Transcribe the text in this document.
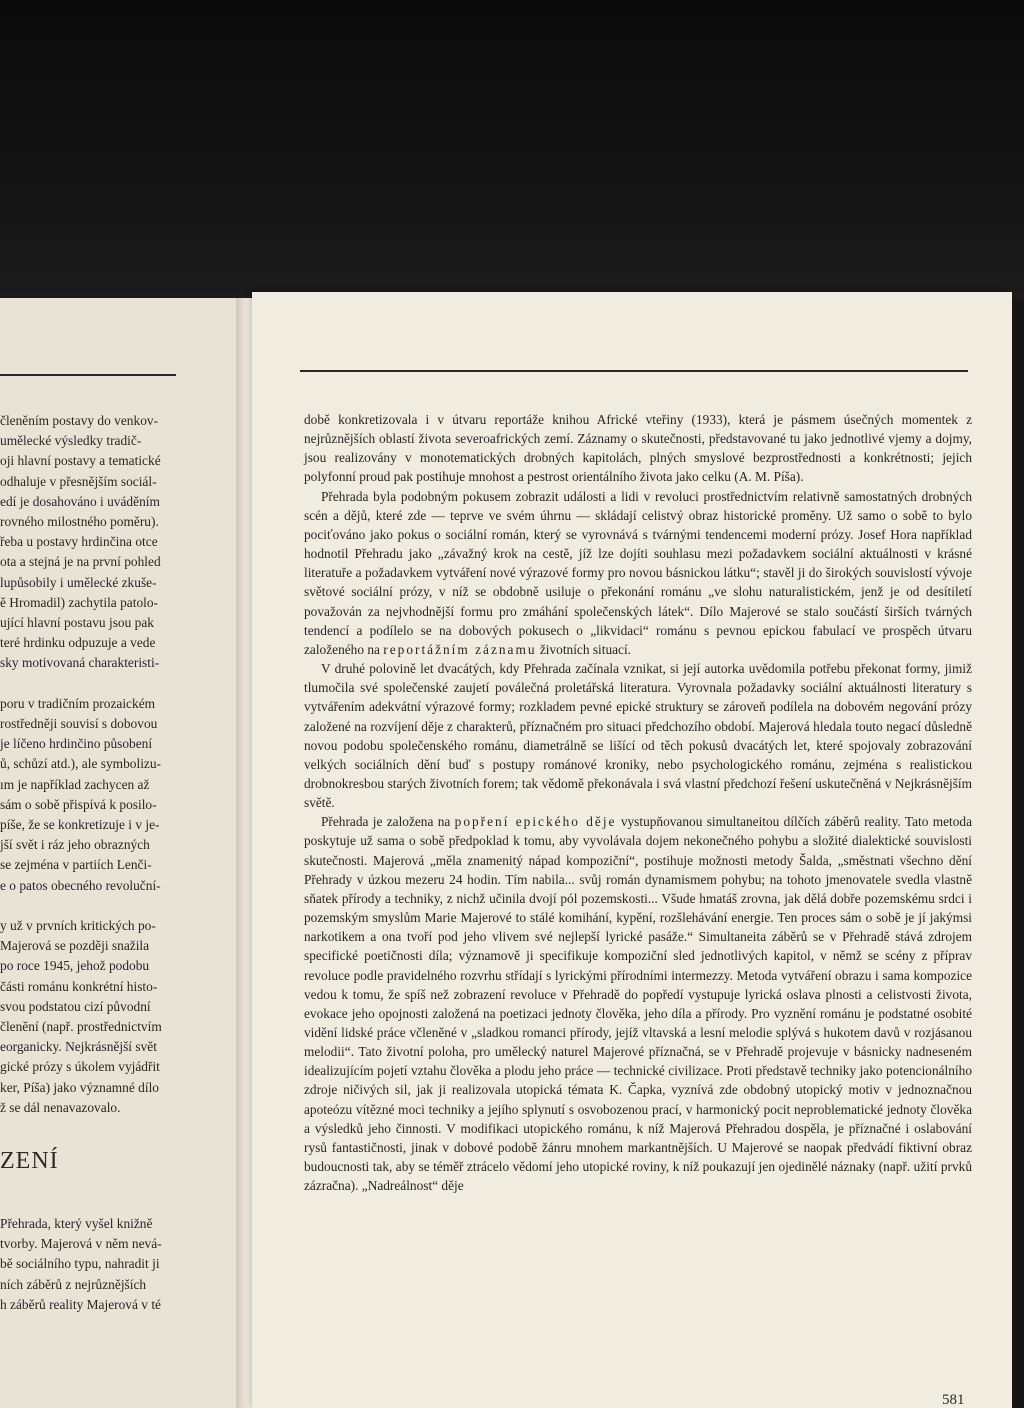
členěním postavy do venkov-
umělecké výsledky tradič-
oji hlavní postavy a tematické
odhaluje v přesnějším sociál-
edí je dosahováno i uváděním
rovného milostného poměru).
řeba u postavy hrdinčina otce
ota a stejná je na první pohled
lupůsobily i umělecké zkuše-
ě Hromadil) zachytila patolo-
ující hlavní postavu jsou pak
teré hrdinku odpuzuje a vede
sky motivovaná charakteristi-
poru v tradičním prozaickém
rostředněji souvisí s dobovou
je líčeno hrdinčino působení
ů, schůzí atd.), ale symbolizu-
ım je například zachycen až
sám o sobě přispívá k posilo-
píše, že se konkretizuje i v je-
jší svět i ráz jeho obrazných
se zejména v partiích Lenči-
e o patos obecného revoluční-
y už v prvních kritických po-
Majerová se později snažila
po roce 1945, jehož podobu
části románu konkrétní histo-
svou podstatou cizí původní
členění (např. prostřednictvím
eorganicky. Nejkrásnější svět
gické prózy s úkolem vyjádřit
ker, Píša) jako významné dílo
ž se dál nenavazovalo.
ZENÍ
Přehrada, který vyšel knižně
tvorby. Majerová v něm nevá-
bě sociálního typu, nahradit ji
ních záběrů z nejrůznějších
h záběrů reality Majerová v té

době konkretizovala i v útvaru reportáže knihou Africké vteřiny (1933), která je pásmem úsečných momentek z nejrůznějších oblastí života severoafrických zemí. Záznamy o skutečnosti, představované tu jako jednotlivé vjemy a dojmy, jsou realizovány v monotematických drobných kapitolách, plných smyslové bezprostřednosti a konkrétnosti; jejich polyfonní proud pak postihuje mnohost a pestrost orientálního života jako celku (A. M. Píša).

Přehrada byla podobným pokusem zobrazit události a lidi v revoluci prostřednictvím relativně samostatných drobných scén a dějů, které zde — teprve ve svém úhrnu — skládají celistvý obraz historické proměny. Už samo o sobě to bylo pociťováno jako pokus o sociální román, který se vyrovnává s tvárnými tendencemi moderní prózy. Josef Hora například hodnotil Přehradu jako „závažný krok na cestě, jíž lze dojíti souhlasu mezi požadavkem sociální aktuálnosti v krásné literatuře a požadavkem vytváření nové výrazové formy pro novou básnickou látku“; stavěl ji do širokých souvislostí vývoje světové sociální prózy, v níž se obdobně usiluje o překonání románu „ve slohu naturalistickém, jenž je od desítiletí považován za nejvhodnější formu pro zmáhání společenských látek“. Dílo Majerové se stalo součástí širších tvárných tendencí a podílelo se na dobových pokusech o „likvidaci“ románu s pevnou epickou fabulací ve prospěch útvaru založeného na reportážním záznamu životních situací.

V druhé polovině let dvacátých, kdy Přehrada začínala vznikat, si její autorka uvědomila potřebu překonat formy, jimiž tlumočila své společenské zaujetí poválečná proletářská literatura. Vyrovnala požadavky sociální aktuálnosti literatury s vytvářením adekvátní výrazové formy; rozkladem pevné epické struktury se zároveň podílela na dobovém negování prózy založené na rozvíjení děje z charakterů, příznačném pro situaci předchozího období. Majerová hledala touto negací důsledně novou podobu společenského románu, diametrálně se lišící od těch pokusů dvacátých let, které spojovaly zobrazování velkých sociálních dění buď s postupy románové kroniky, nebo psychologického románu, zejména s realistickou drobnokresbou starých životních forem; tak vědomě překonávala i svá vlastní předchozí řešení uskutečněná v Nejkrásnějším světě.

Přehrada je založena na popření epického děje vystupňovanou simultaneitou dílčích záběrů reality. Tato metoda poskytuje už sama o sobě předpoklad k tomu, aby vyvolávala dojem nekonečného pohybu a složité dialektické souvislosti skutečnosti. Majerová „měla znamenitý nápad kompoziční“, postihuje možnosti metody Šalda, „směstnati všechno dění Přehrady v úzkou mezeru 24 hodin. Tím nabila... svůj román dynamismem pohybu; na tohoto jmenovatele svedla vlastně sňatek přírody a techniky, z nichž učinila dvojí pól pozemskosti... Všude hmatáš zrovna, jak dělá dobře pozemskému srdci i pozemským smyslům Marie Majerové to stálé komihání, kypění, rozšlehávání energie. Ten proces sám o sobě je jí jakýmsi narkotikem a ona tvoří pod jeho vlivem své nejlepší lyrické pasáže.“ Simultaneita záběrů se v Přehradě stává zdrojem specifické poetičnosti díla; významově ji specifikuje kompoziční sled jednotlivých kapitol, v němž se scény z příprav revoluce podle pravidelného rozvrhu střídají s lyrickými přírodními intermezzy. Metoda vytváření obrazu i sama kompozice vedou k tomu, že spíš než zobrazení revoluce v Přehradě do popředí vystupuje lyrická oslava plnosti a celistvosti života, evokace jeho opojnosti založená na poetizaci jednoty člověka, jeho díla a přírody. Pro vyznění románu je podstatné osobité vidění lidské práce včleněné v „sladkou romanci přírody, jejíž vltavská a lesní melodie splývá s hukotem davů v rozjásanou melodii“. Tato životní poloha, pro umělecký naturel Majerové příznačná, se v Přehradě projevuje v básnicky nadneseném idealizujícím pojetí vztahu člověka a plodu jeho práce — technické civilizace. Proti představě techniky jako potencionálního zdroje ničivých sil, jak ji realizovala utopická témata K. Čapka, vyznívá zde obdobný utopický motiv v jednoznačnou apoteózu vítězné moci techniky a jejího splynutí s osvobozenou prací, v harmonický pocit neproblematické jednoty člověka a výsledků jeho činnosti. V modifikaci utopického románu, k níž Majerová Přehradou dospěla, je příznačné i oslabování rysů fantastičnosti, jinak v dobové podobě žánru mnohem markantnějších. U Majerové se naopak předvádí fiktivní obraz budoucnosti tak, aby se téměř ztrácelo vědomí jeho utopické roviny, k níž poukazují jen ojedinělé náznaky (např. užití prvků zázračna). „Nadreálnost“ děje

581
